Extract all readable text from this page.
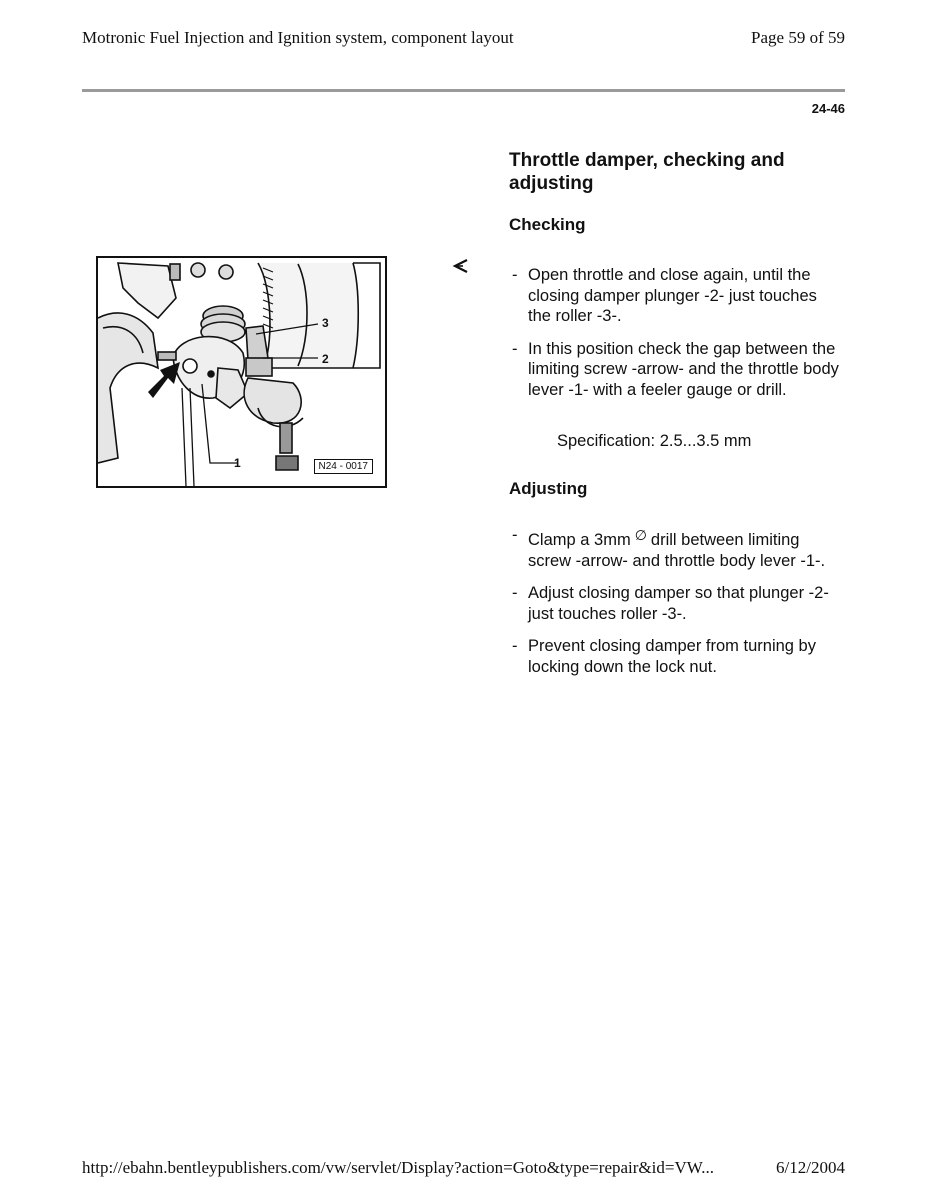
Motronic Fuel Injection and Ignition system, component layout	Page 59 of 59
24-46
Throttle damper, checking and adjusting
Checking
- Open throttle and close again, until the closing damper plunger -2- just touches the roller -3-.
- In this position check the gap between the limiting screw -arrow- and the throttle body lever -1- with a feeler gauge or drill.
Specification: 2.5...3.5 mm
Adjusting
- Clamp a 3mm ∅ drill between limiting screw -arrow- and throttle body lever -1-.
- Adjust closing damper so that plunger -2- just touches roller -3-.
- Prevent closing damper from turning by locking down the lock nut.
1
2
3
N24 - 0017
http://ebahn.bentleypublishers.com/vw/servlet/Display?action=Goto&type=repair&id=VW...	6/12/2004
